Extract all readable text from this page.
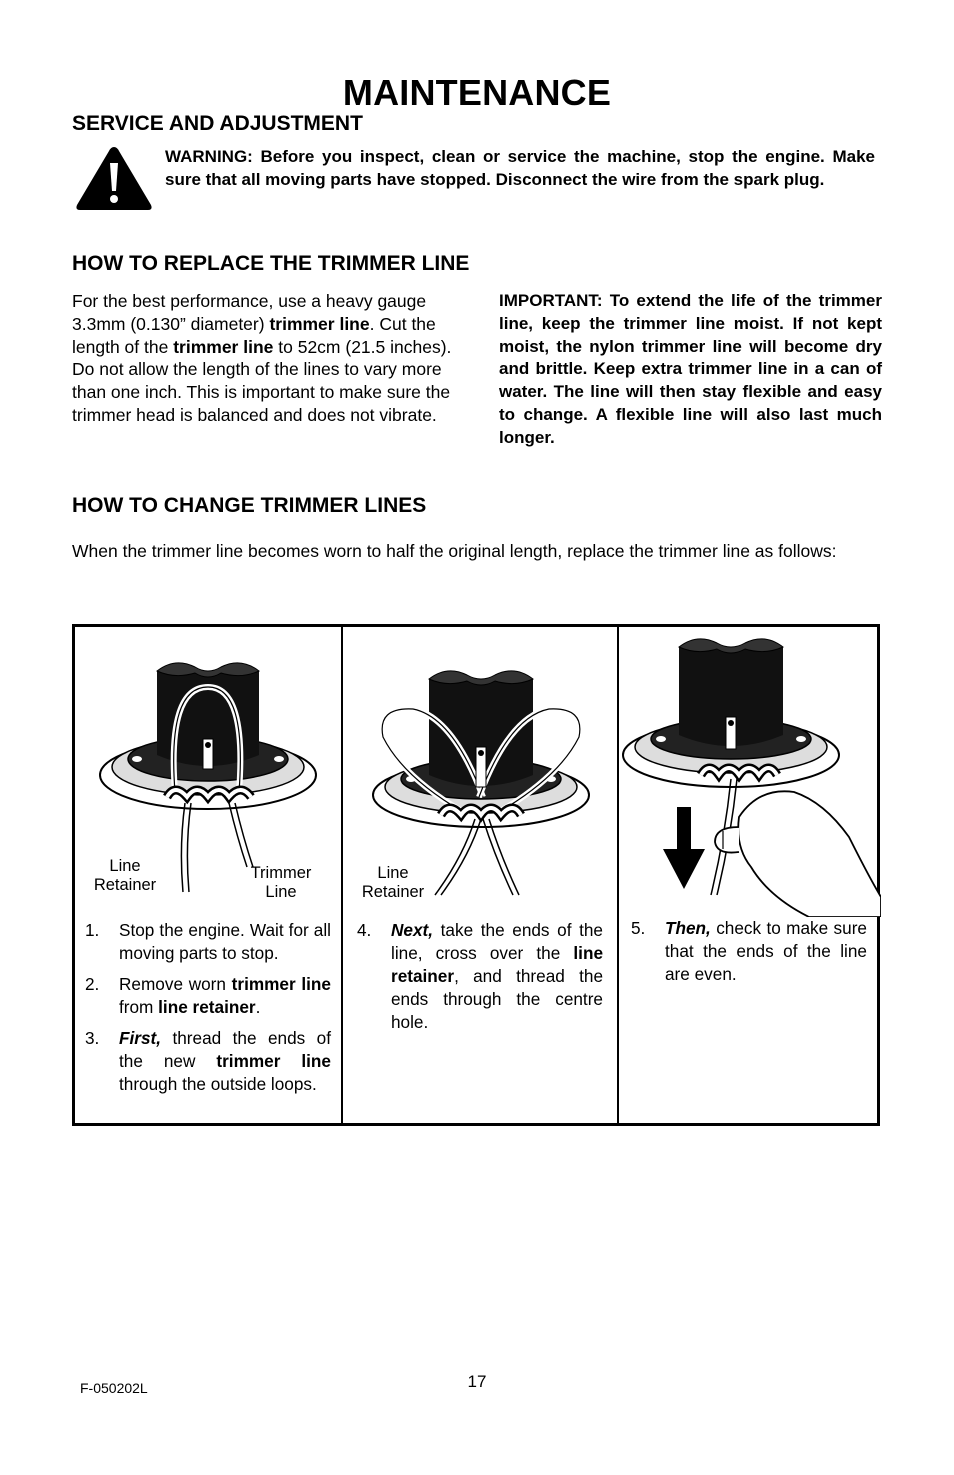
MAINTENANCE
SERVICE AND ADJUSTMENT
WARNING: Before you inspect, clean or service the machine, stop the engine. Make sure that all moving parts have stopped. Disconnect the wire from the spark plug.
HOW TO REPLACE THE TRIMMER LINE
For the best performance, use a heavy gauge 3.3mm (0.130” diameter) trimmer line. Cut the length of the trimmer line to 52cm (21.5 inches). Do not allow the length of the lines to vary more than one inch. This is important to make sure the trimmer head is balanced and does not vibrate.
IMPORTANT: To extend the life of the trimmer line, keep the trimmer line moist. If not kept moist, the nylon trimmer line will become dry and brittle. Keep extra trimmer line in a can of water. The line will then stay flexible and easy to change. A flexible line will also last much longer.
HOW TO CHANGE TRIMMER LINES
When the trimmer line becomes worn to half the original length, replace the trimmer line as follows:
Line
Retainer
Trimmer
Line
1.	Stop the engine. Wait for all moving parts to stop.
2.	Remove worn trimmer line from line retainer.
3.	First, thread the ends of the new trimmer line through the outside loops.
Line
Retainer
4.	Next, take the ends of the line, cross over the line retainer, and thread the ends through the centre hole.
5.	Then, check to make sure that the ends of the line are even.
F-050202L	17
